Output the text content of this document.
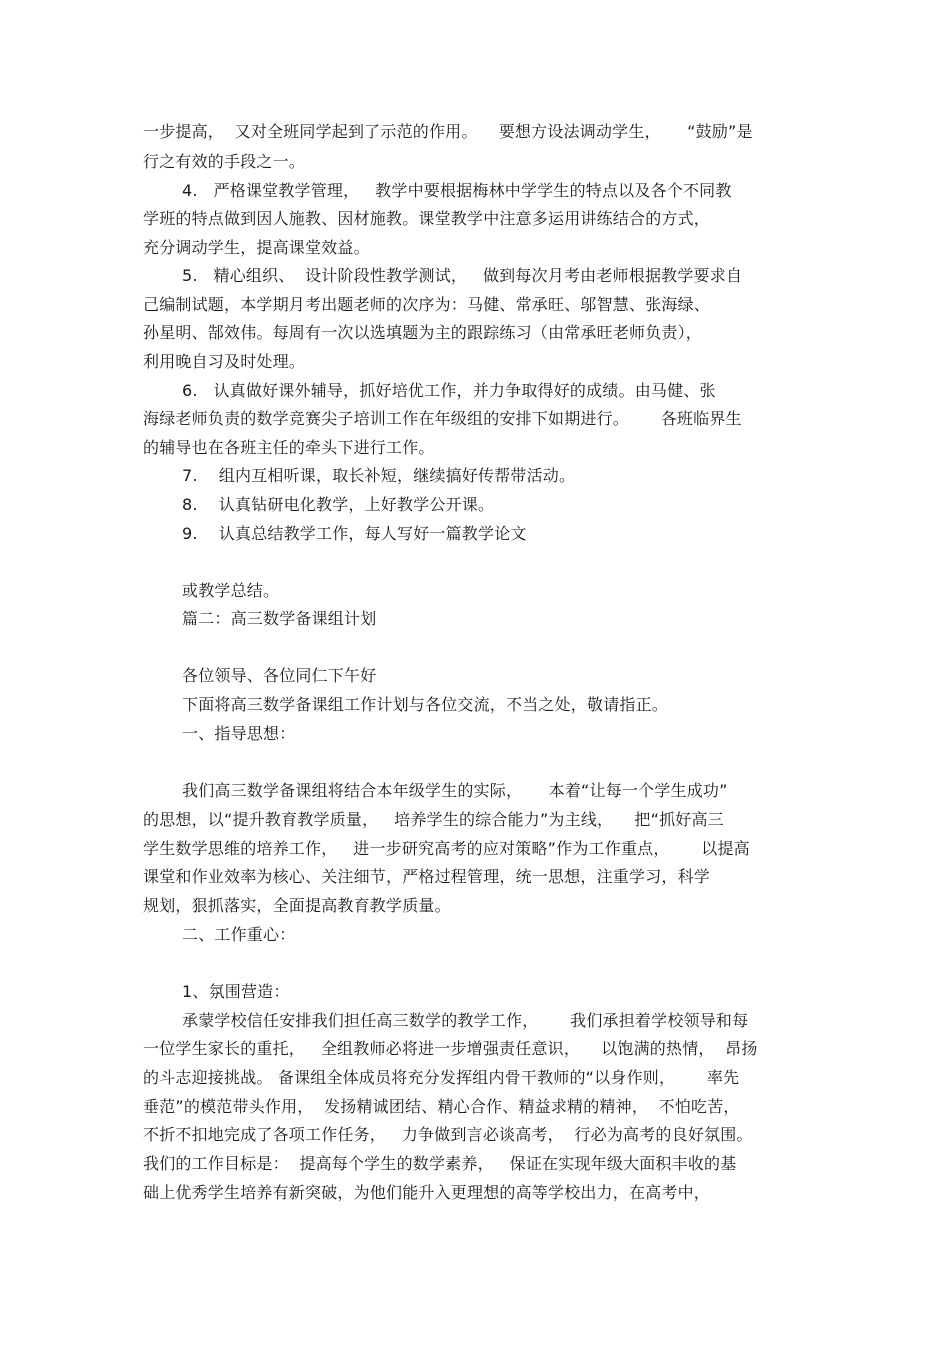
一步提高，  又对全班同学起到了示范的作用。    要想方设法调动学生，     “鼓励”是
行之有效的手段之一。
4.   严格课堂教学管理，   教学中要根据梅林中学学生的特点以及各个不同教
学班的特点做到因人施教、因材施教。课堂教学中注意多运用讲练结合的方式，
充分调动学生，提高课堂效益。
5.   精心组织、  设计阶段性教学测试，   做到每次月考由老师根据教学要求自
己编制试题，本学期月考出题老师的次序为：马健、常承旺、邬智慧、张海绿、
孙星明、郜效伟。每周有一次以选填题为主的跟踪练习（由常承旺老师负责），
利用晚自习及时处理。
6.   认真做好课外辅导，抓好培优工作，并力争取得好的成绩。由马健、张
海绿老师负责的数学竞赛尖子培训工作在年级组的安排下如期进行。      各班临界生
的辅导也在各班主任的牵头下进行工作。
7.    组内互相听课，取长补短，继续搞好传帮带活动。
8.    认真钻研电化教学，上好教学公开课。
9.    认真总结教学工作，每人写好一篇教学论文
或教学总结。
篇二：高三数学备课组计划
各位领导、各位同仁下午好
下面将高三数学备课组工作计划与各位交流，不当之处，敬请指正。
一、指导思想：
我们高三数学备课组将结合本年级学生的实际，     本着“让每一个学生成功”
的思想，以“提升教育教学质量，   培养学生的综合能力”为主线，    把“抓好高三
学生数学思维的培养工作，   进一步研究高考的应对策略”作为工作重点，      以提高
课堂和作业效率为核心、关注细节，严格过程管理，统一思想，注重学习，科学
规划，狠抓落实，全面提高教育教学质量。
二、工作重心：
1、氛围营造：
承蒙学校信任安排我们担任高三数学的教学工作，      我们承担着学校领导和每
一位学生家长的重托，   全组教师必将进一步增强责任意识，    以饱满的热情，  昂扬
的斗志迎接挑战。 备课组全体成员将充分发挥组内骨干教师的“以身作则，      率先
垂范”的模范带头作用，  发扬精诚团结、精心合作、精益求精的精神，  不怕吃苦，
不折不扣地完成了各项工作任务，   力争做到言必谈高考，  行必为高考的良好氛围。
我们的工作目标是：  提高每个学生的数学素养，   保证在实现年级大面积丰收的基
础上优秀学生培养有新突破，为他们能升入更理想的高等学校出力，在高考中，
